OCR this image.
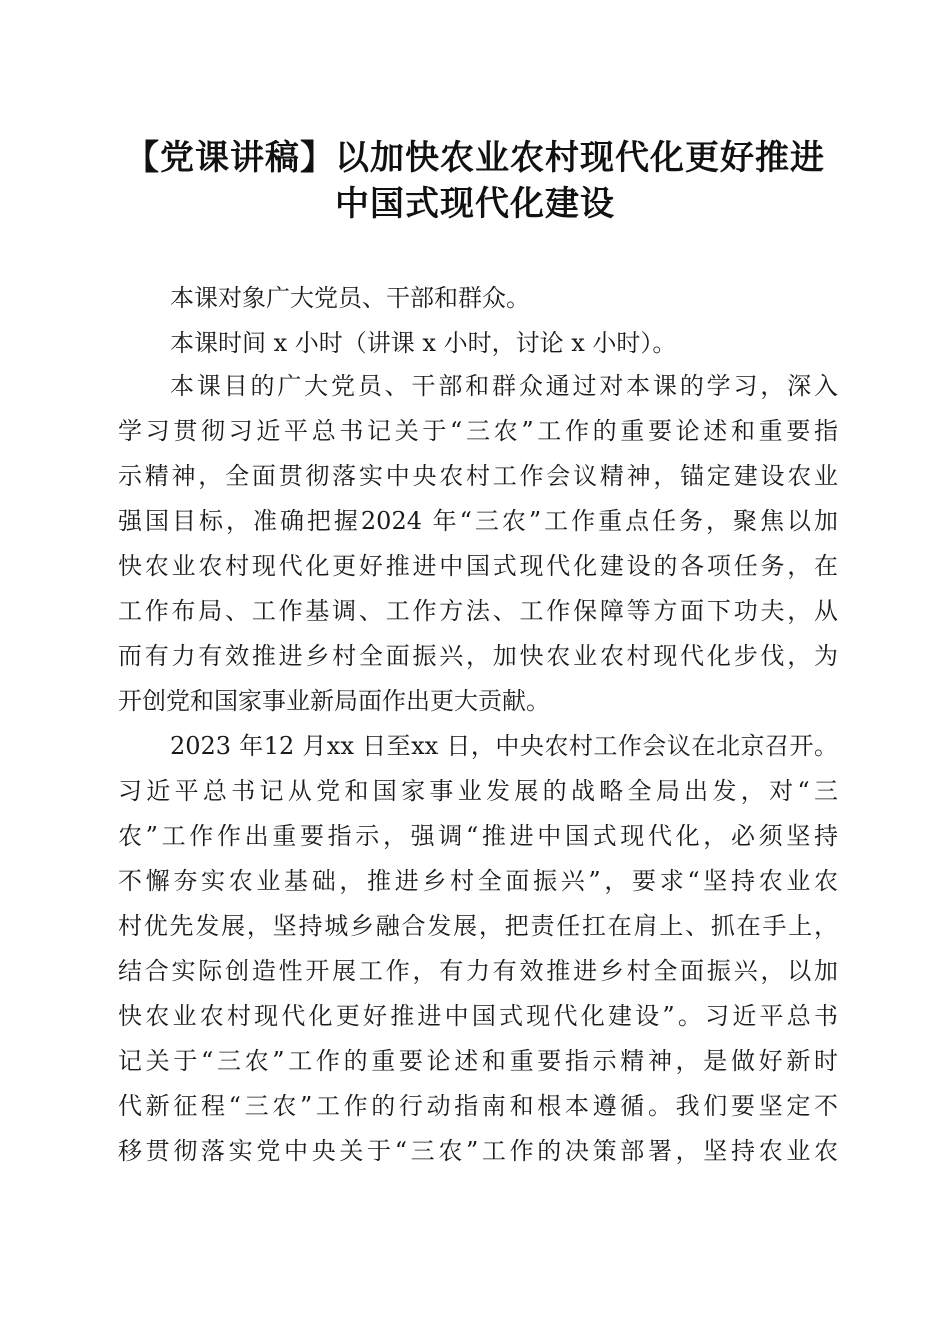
【党课讲稿】以加快农业农村现代化更好推进
中国式现代化建设
本课对象广大党员、干部和群众。
本课时间 x 小时（讲课 x 小时，讨论 x 小时）。
本课目的广大党员、干部和群众通过对本课的学习，深入
学习贯彻习近平总书记关于“三农”工作的重要论述和重要指
示精神，全面贯彻落实中央农村工作会议精神，锚定建设农业
强国目标，准确把握2024 年“三农”工作重点任务，聚焦以加
快农业农村现代化更好推进中国式现代化建设的各项任务，在
工作布局、工作基调、工作方法、工作保障等方面下功夫，从
而有力有效推进乡村全面振兴，加快农业农村现代化步伐，为
开创党和国家事业新局面作出更大贡献。
2023 年12 月xx 日至xx 日，中央农村工作会议在北京召开。
习近平总书记从党和国家事业发展的战略全局出发，对“三
农”工作作出重要指示，强调“推进中国式现代化，必须坚持
不懈夯实农业基础，推进乡村全面振兴”，要求“坚持农业农
村优先发展，坚持城乡融合发展，把责任扛在肩上、抓在手上，
结合实际创造性开展工作，有力有效推进乡村全面振兴，以加
快农业农村现代化更好推进中国式现代化建设”。习近平总书
记关于“三农”工作的重要论述和重要指示精神，是做好新时
代新征程“三农”工作的行动指南和根本遵循。我们要坚定不
移贯彻落实党中央关于“三农”工作的决策部署，坚持农业农
